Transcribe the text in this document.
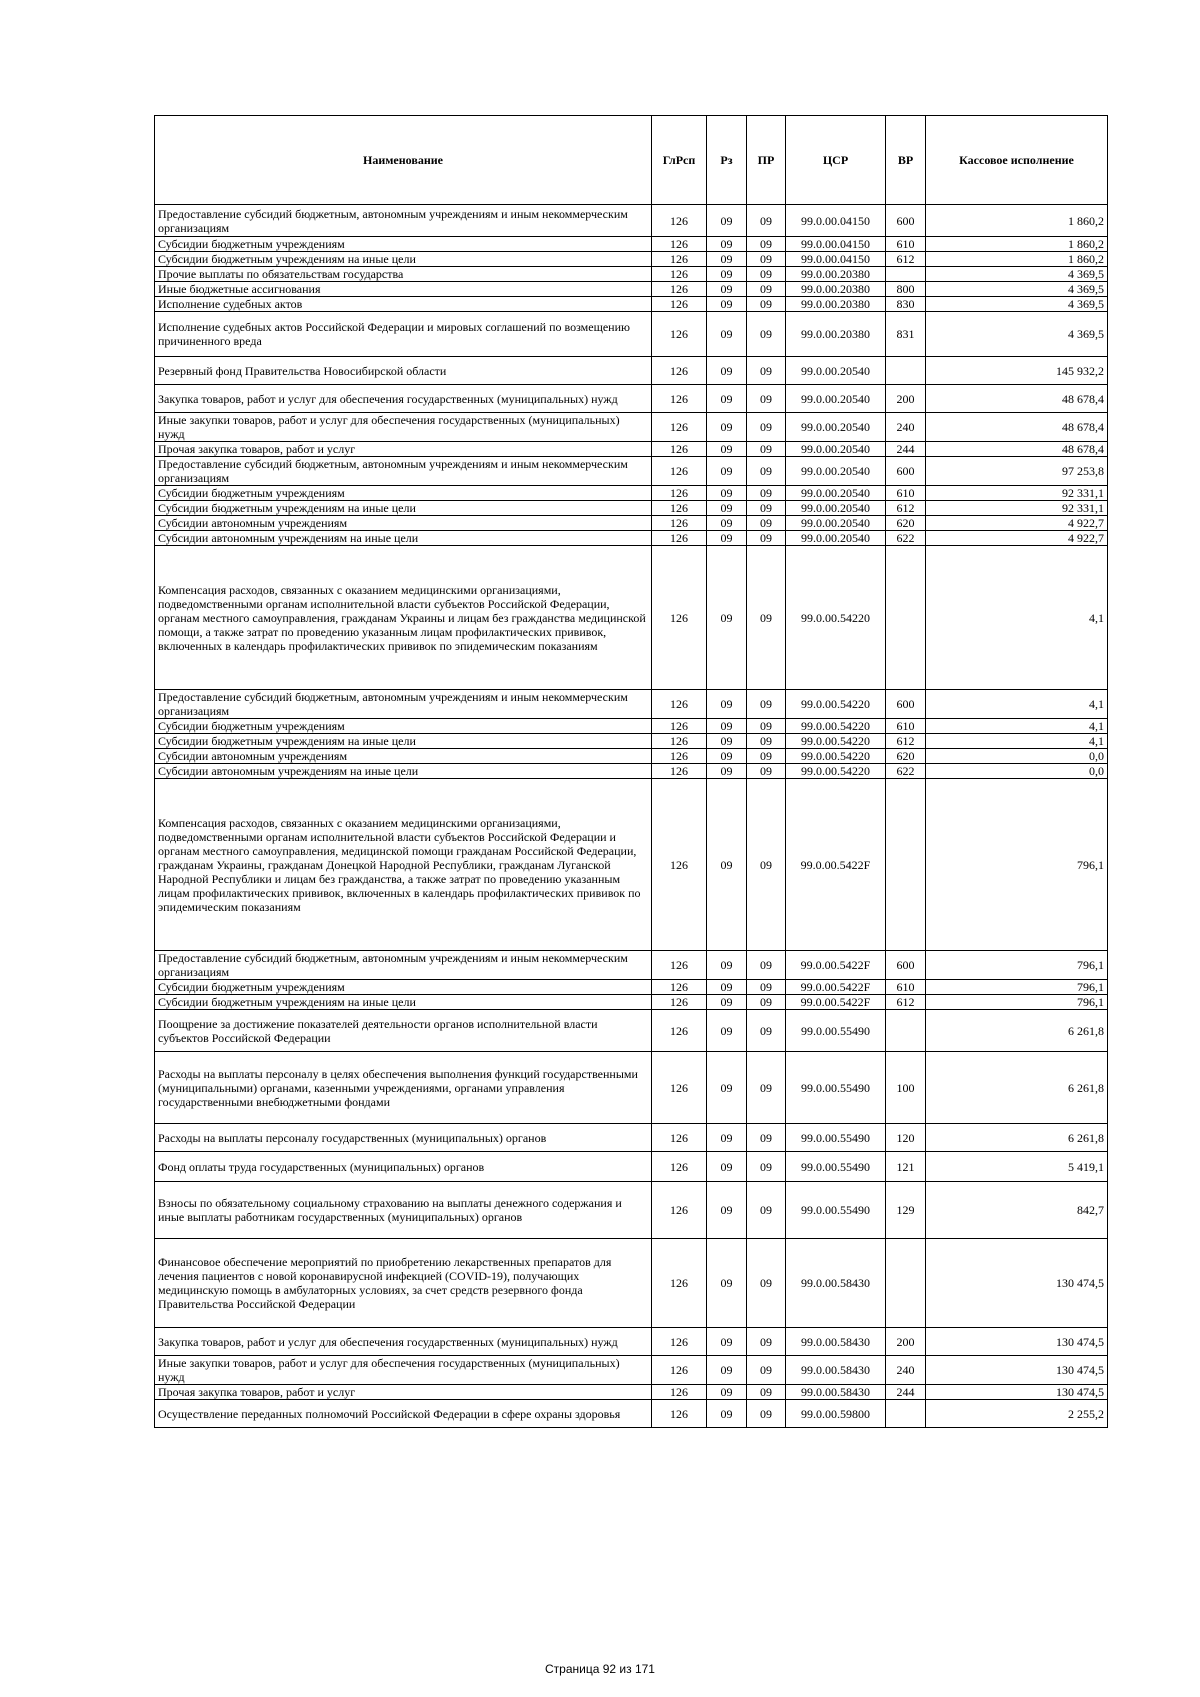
Наименование	ГлРсп	Рз	ПР	ЦСР	ВР	Кассовое исполнение
Предоставление субсидий бюджетным, автономным учреждениям и иным некоммерческим организациям	126	09	09	99.0.00.04150	600	1 860,2
Субсидии бюджетным учреждениям	126	09	09	99.0.00.04150	610	1 860,2
Субсидии бюджетным учреждениям на иные цели	126	09	09	99.0.00.04150	612	1 860,2
Прочие выплаты по обязательствам государства	126	09	09	99.0.00.20380		4 369,5
Иные бюджетные ассигнования	126	09	09	99.0.00.20380	800	4 369,5
Исполнение судебных актов	126	09	09	99.0.00.20380	830	4 369,5
Исполнение судебных актов Российской Федерации и мировых соглашений по возмещению причиненного вреда	126	09	09	99.0.00.20380	831	4 369,5
Резервный фонд Правительства Новосибирской области	126	09	09	99.0.00.20540		145 932,2
Закупка товаров, работ и услуг для обеспечения государственных (муниципальных) нужд	126	09	09	99.0.00.20540	200	48 678,4
Иные закупки товаров, работ и услуг для обеспечения государственных (муниципальных) нужд	126	09	09	99.0.00.20540	240	48 678,4
Прочая закупка товаров, работ и услуг	126	09	09	99.0.00.20540	244	48 678,4
Предоставление субсидий бюджетным, автономным учреждениям и иным некоммерческим организациям	126	09	09	99.0.00.20540	600	97 253,8
Субсидии бюджетным учреждениям	126	09	09	99.0.00.20540	610	92 331,1
Субсидии бюджетным учреждениям на иные цели	126	09	09	99.0.00.20540	612	92 331,1
Субсидии автономным учреждениям	126	09	09	99.0.00.20540	620	4 922,7
Субсидии автономным учреждениям на иные цели	126	09	09	99.0.00.20540	622	4 922,7
Компенсация расходов, связанных с оказанием медицинскими организациями, подведомственными органам исполнительной власти субъектов Российской Федерации, органам местного самоуправления, гражданам Украины и лицам без гражданства медицинской помощи, а также затрат по проведению указанным лицам профилактических прививок, включенных в календарь профилактических прививок по эпидемическим показаниям	126	09	09	99.0.00.54220		4,1
Предоставление субсидий бюджетным, автономным учреждениям и иным некоммерческим организациям	126	09	09	99.0.00.54220	600	4,1
Субсидии бюджетным учреждениям	126	09	09	99.0.00.54220	610	4,1
Субсидии бюджетным учреждениям на иные цели	126	09	09	99.0.00.54220	612	4,1
Субсидии автономным учреждениям	126	09	09	99.0.00.54220	620	0,0
Субсидии автономным учреждениям на иные цели	126	09	09	99.0.00.54220	622	0,0
Компенсация расходов, связанных с оказанием медицинскими организациями, подведомственными органам исполнительной власти субъектов Российской Федерации и органам местного самоуправления, медицинской помощи гражданам Российской Федерации, гражданам Украины, гражданам Донецкой Народной Республики, гражданам Луганской Народной Республики и лицам без гражданства, а также затрат по проведению указанным лицам профилактических прививок, включенных в календарь профилактических прививок по эпидемическим показаниям	126	09	09	99.0.00.5422F		796,1
Предоставление субсидий бюджетным, автономным учреждениям и иным некоммерческим организациям	126	09	09	99.0.00.5422F	600	796,1
Субсидии бюджетным учреждениям	126	09	09	99.0.00.5422F	610	796,1
Субсидии бюджетным учреждениям на иные цели	126	09	09	99.0.00.5422F	612	796,1
Поощрение за достижение показателей деятельности органов исполнительной власти субъектов Российской Федерации	126	09	09	99.0.00.55490		6 261,8
Расходы на выплаты персоналу в целях обеспечения выполнения функций государственными (муниципальными) органами, казенными учреждениями, органами управления государственными внебюджетными фондами	126	09	09	99.0.00.55490	100	6 261,8
Расходы на выплаты персоналу государственных (муниципальных) органов	126	09	09	99.0.00.55490	120	6 261,8
Фонд оплаты труда государственных (муниципальных) органов	126	09	09	99.0.00.55490	121	5 419,1
Взносы по обязательному социальному страхованию на выплаты денежного содержания и иные выплаты работникам государственных (муниципальных) органов	126	09	09	99.0.00.55490	129	842,7
Финансовое обеспечение мероприятий по приобретению лекарственных препаратов для лечения пациентов с новой коронавирусной инфекцией (COVID-19), получающих медицинскую помощь в амбулаторных условиях, за счет средств резервного фонда Правительства Российской Федерации	126	09	09	99.0.00.58430		130 474,5
Закупка товаров, работ и услуг для обеспечения государственных (муниципальных) нужд	126	09	09	99.0.00.58430	200	130 474,5
Иные закупки товаров, работ и услуг для обеспечения государственных (муниципальных) нужд	126	09	09	99.0.00.58430	240	130 474,5
Прочая закупка товаров, работ и услуг	126	09	09	99.0.00.58430	244	130 474,5
Осуществление переданных полномочий Российской Федерации в сфере охраны здоровья	126	09	09	99.0.00.59800		2 255,2
Страница 92 из 171
